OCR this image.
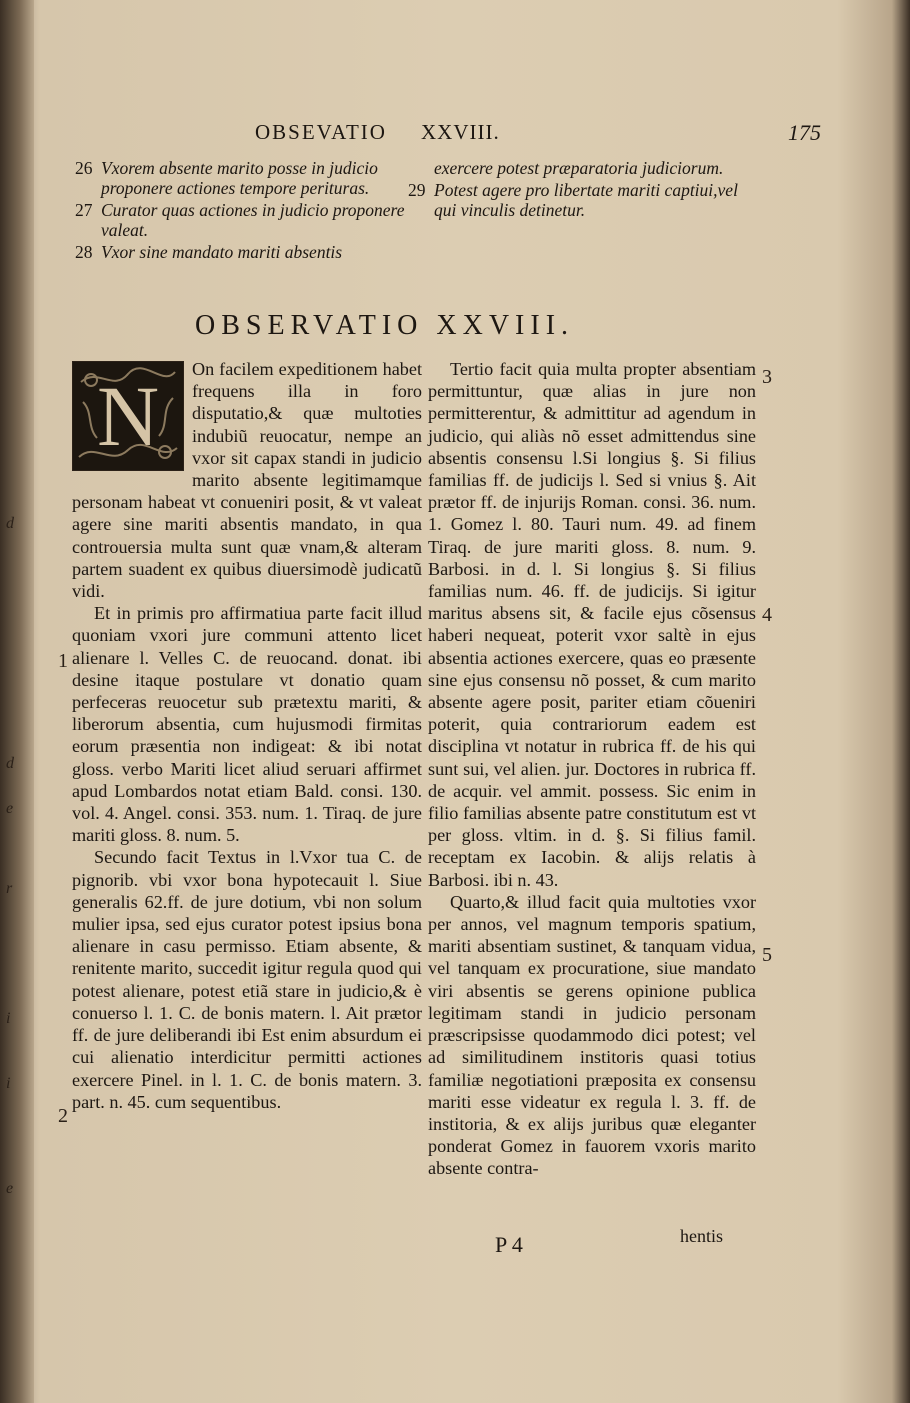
d
d
e
r
i
i
e
OBSEVATIO XXVIII.	175
26 Vxorem absente marito posse in judicio proponere actiones tempore perituras.
27 Curator quas actiones in judicio proponere valeat.
28 Vxor sine mandato mariti absentis
exercere potest præparatoria judiciorum.
29 Potest agere pro libertate mariti captiui,vel qui vinculis detinetur.
OBSERVATIO XXVIII.
N	On facilem expeditionem habet frequens illa in foro disputatio,& quæ multoties indubiũ reuocatur, nempe an vxor sit capax standi in judicio marito absente legitimamque personam habeat vt conueniri posit, & vt valeat agere sine mariti absentis mandato, in qua controuersia multa sunt quæ vnam,& alteram partem suadent ex quibus diuersimodè judicatũ vidi.

Et in primis pro affirmatiua parte facit illud quoniam vxori jure communi attento licet alienare l. Velles C. de reuocand. donat. ibi desine itaque postulare vt donatio quam perfeceras reuocetur sub prætextu mariti, & liberorum absentia, cum hujusmodi firmitas eorum præsentia non indigeat: & ibi notat gloss. verbo Mariti licet aliud seruari affirmet apud Lombardos notat etiam Bald. consi. 130. vol. 4. Angel. consi. 353. num. 1. Tiraq. de jure mariti gloss. 8. num. 5.

Secundo facit Textus in l.Vxor tua C. de pignorib. vbi vxor bona hypotecauit l. Siue generalis 62.ff. de jure dotium, vbi non solum mulier ipsa, sed ejus curator potest ipsius bona alienare in casu permisso. Etiam absente, & renitente marito, succedit igitur regula quod qui potest alienare, potest etiã stare in judicio,& è conuerso l. 1. C. de bonis matern. l. Ait prætor ff. de jure deliberandi ibi Est enim absurdum ei cui alienatio interdicitur permitti actiones exercere Pinel. in l. 1. C. de bonis matern. 3. part. n. 45. cum sequentibus.

Tertio facit quia multa propter absentiam permittuntur, quæ alias in jure non permitterentur, & admittitur ad agendum in judicio, qui aliàs nõ esset admittendus sine absentis consensu l.Si longius §. Si filius familias ff. de judicijs l. Sed si vnius §. Ait prætor ff. de injurijs Roman. consi. 36. num. 1. Gomez l. 80. Tauri num. 49. ad finem Tiraq. de jure mariti gloss. 8. num. 9. Barbosi. in d. l. Si longius §. Si filius familias num. 46. ff. de judicijs. Si igitur maritus absens sit, & facile ejus cõsensus haberi nequeat, poterit vxor saltè in ejus absentia actiones exercere, quas eo præsente sine ejus consensu nõ posset, & cum marito absente agere posit, pariter etiam cõueniri poterit, quia contrariorum eadem est disciplina vt notatur in rubrica ff. de his qui sunt sui, vel alien. jur. Doctores in rubrica ff. de acquir. vel ammit. possess. Sic enim in filio familias absente patre constitutum est vt per gloss. vltim. in d. §. Si filius famil. receptam ex Iacobin. & alijs relatis à Barbosi. ibi n. 43.

Quarto,& illud facit quia multoties vxor per annos, vel magnum temporis spatium, mariti absentiam sustinet, & tanquam vidua, vel tanquam ex procuratione, siue mandato viri absentis se gerens opinione publica legitimam standi in judicio personam præscripsisse quodammodo dici potest; vel ad similitudinem institoris quasi totius familiæ negotiationi præposita ex consensu mariti esse videatur ex regula l. 3. ff. de institoria, & ex alijs juribus quæ eleganter ponderat Gomez in fauorem vxoris marito absente contra-

1
2
3
4
5
P 4	hentis
